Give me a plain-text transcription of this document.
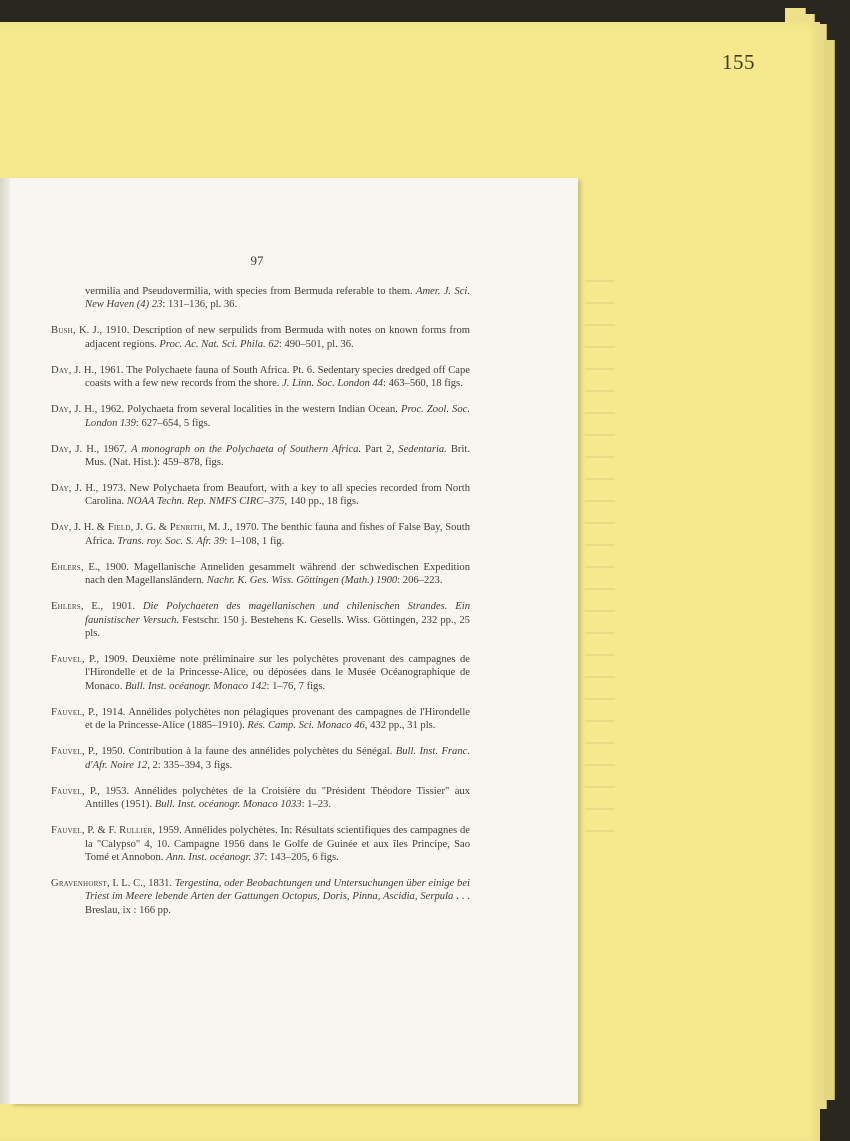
155
97

vermilia and Pseudovermilia, with species from Bermuda referable to them. Amer. J. Sci. New Haven (4) 23: 131–136, pl. 36.

Bush, K. J., 1910. Description of new serpulids from Bermuda with notes on known forms from adjacent regions. Proc. Ac. Nat. Sci. Phila. 62: 490–501, pl. 36.

Day, J. H., 1961. The Polychaete fauna of South Africa. Pt. 6. Sedentary species dredged off Cape coasts with a few new records from the shore. J. Linn. Soc. London 44: 463–560, 18 figs.

Day, J. H., 1962. Polychaeta from several localities in the western Indian Ocean. Proc. Zool. Soc. London 139: 627–654, 5 figs.

Day, J. H., 1967. A monograph on the Polychaeta of Southern Africa. Part 2, Sedentaria. Brit. Mus. (Nat. Hist.): 459–878, figs.

Day, J. H., 1973. New Polychaeta from Beaufort, with a key to all species recorded from North Carolina. NOAA Techn. Rep. NMFS CIRC–375, 140 pp., 18 figs.

Day, J. H. & Field, J. G. & Penrith, M. J., 1970. The benthic fauna and fishes of False Bay, South Africa. Trans. roy. Soc. S. Afr. 39: 1–108, 1 fig.

Ehlers, E., 1900. Magellanische Anneliden gesammelt während der schwedischen Expedition nach den Magellansländern. Nachr. K. Ges. Wiss. Göttingen (Math.) 1900: 206–223.

Ehlers, E., 1901. Die Polychaeten des magellanischen und chilenischen Strandes. Ein faunistischer Versuch. Festschr. 150 j. Bestehens K. Gesells. Wiss. Göttingen, 232 pp., 25 pls.

Fauvel, P., 1909. Deuxième note préliminaire sur les polychètes provenant des campagnes de l'Hirondelle et de la Princesse-Alice, ou déposées dans le Musée Océanographique de Monaco. Bull. Inst. océanogr. Monaco 142: 1–76, 7 figs.

Fauvel, P., 1914. Annélides polychètes non pélagiques provenant des campagnes de l'Hirondelle et de la Princesse-Alice (1885–1910). Rés. Camp. Sci. Monaco 46, 432 pp., 31 pls.

Fauvel, P., 1950. Contribution à la faune des annélides polychètes du Sénégal. Bull. Inst. Franc. d'Afr. Noire 12, 2: 335–394, 3 figs.

Fauvel, P., 1953. Annélides polychètes de la Croisière du "Président Théodore Tissier" aux Antilles (1951). Bull. Inst. océanogr. Monaco 1033: 1–23.

Fauvel, P. & F. Rullier, 1959. Annélides polychètes. In: Résultats scientifiques des campagnes de la "Calypso" 4, 10. Campagne 1956 dans le Golfe de Guinée et aux îles Principe, Sao Tomé et Annobon. Ann. Inst. océanogr. 37: 143–205, 6 figs.

Gravenhorst, I. L. C., 1831. Tergestina, oder Beobachtungen und Untersuchungen über einige bei Triest im Meere lebende Arten der Gattungen Octopus, Doris, Pinna, Ascidia, Serpula . . . Breslau, ix : 166 pp.
